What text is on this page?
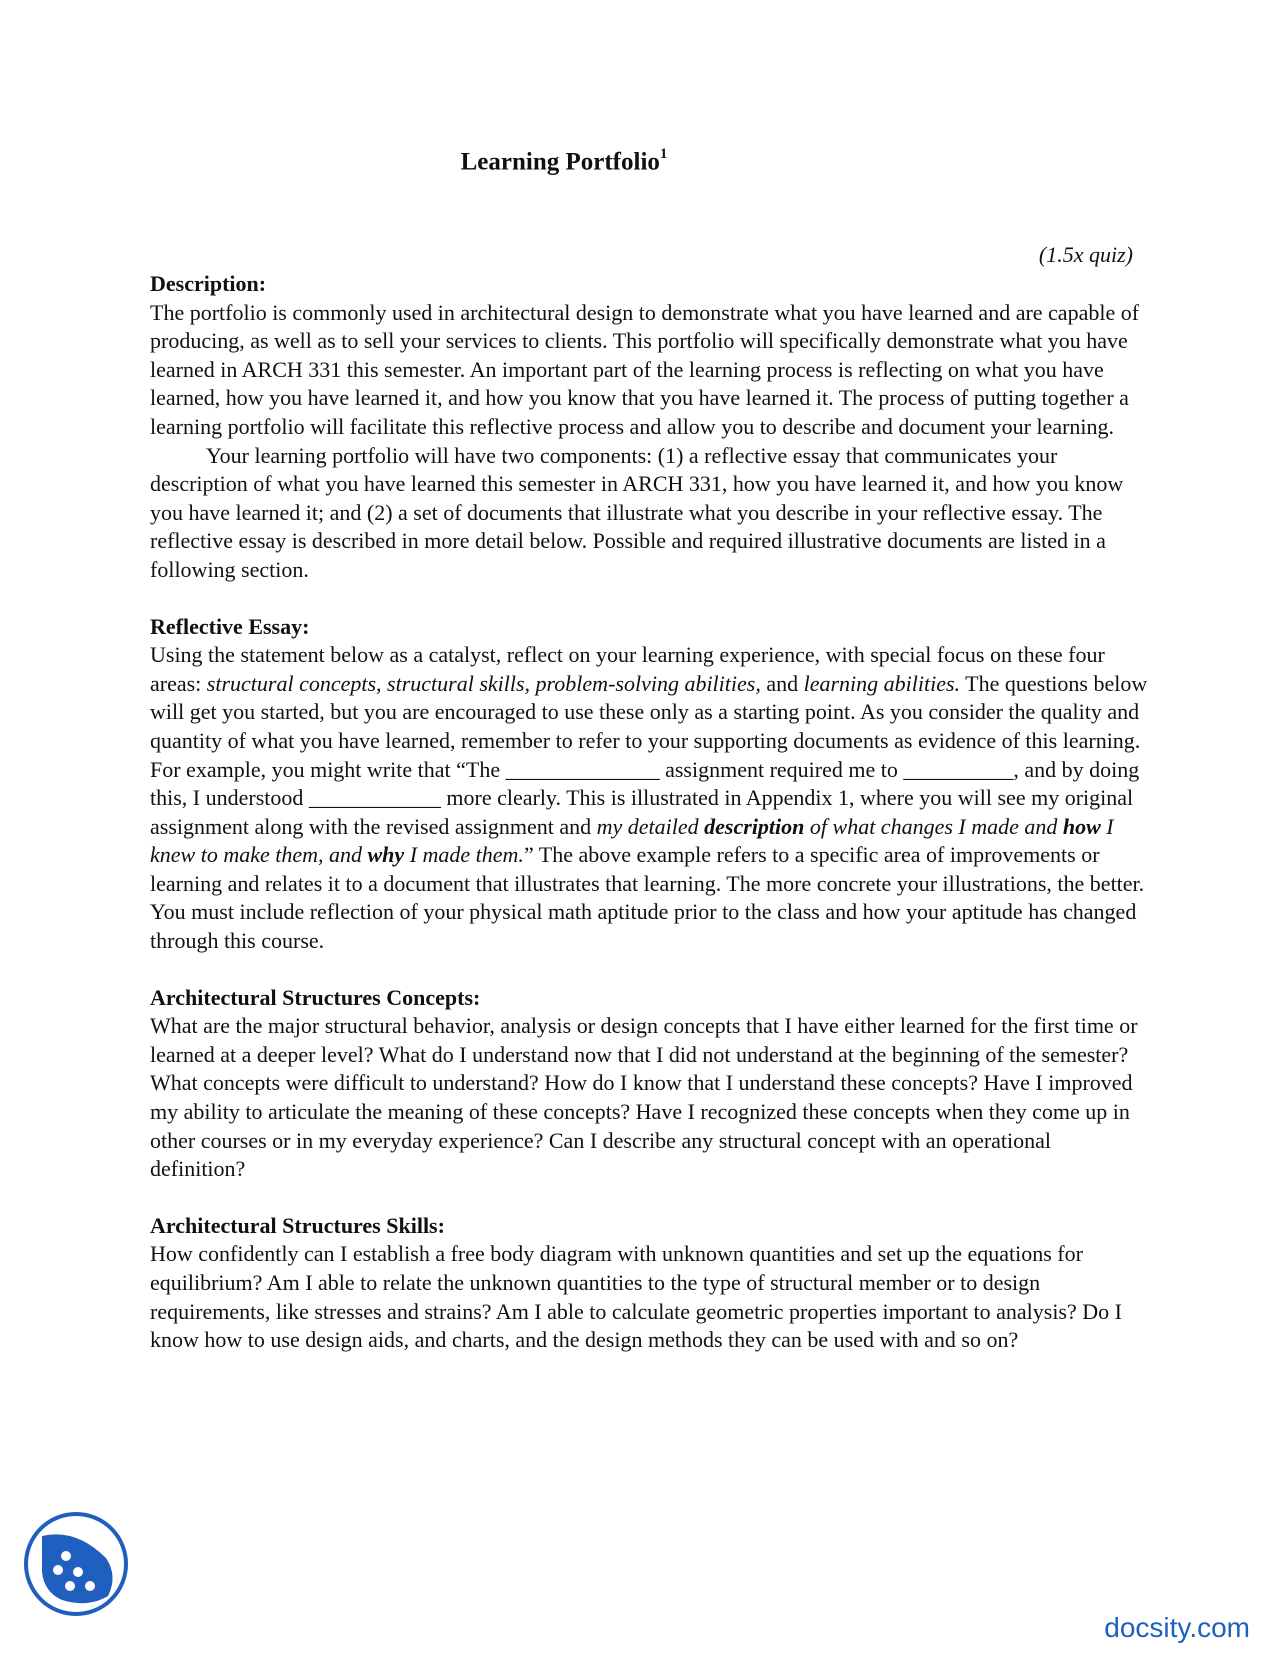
Learning Portfolio$^1$
(1.5x quiz)

Description:

The portfolio is commonly used in architectural design to demonstrate what you have learned and are capable of producing, as well as to sell your services to clients. This portfolio will specifically demonstrate what you have learned in ARCH 331 this semester. An important part of the learning process is reflecting on what you have learned, how you have learned it, and how you know that you have learned it. The process of putting together a learning portfolio will facilitate this reflective process and allow you to describe and document your learning.

Your learning portfolio will have two components: (1) a reflective essay that communicates your description of what you have learned this semester in ARCH 331, how you have learned it, and how you know you have learned it; and (2) a set of documents that illustrate what you describe in your reflective essay. The reflective essay is described in more detail below. Possible and required illustrative documents are listed in a following section.

Reflective Essay:

Using the statement below as a catalyst, reflect on your learning experience, with special focus on these four areas: structural concepts, structural skills, problem-solving abilities, and learning abilities. The questions below will get you started, but you are encouraged to use these only as a starting point. As you consider the quality and quantity of what you have learned, remember to refer to your supporting documents as evidence of this learning. For example, you might write that “The ______________ assignment required me to __________, and by doing this, I understood ____________ more clearly. This is illustrated in Appendix 1, where you will see my original assignment along with the revised assignment and my detailed description of what changes I made and how I knew to make them, and why I made them.” The above example refers to a specific area of improvements or learning and relates it to a document that illustrates that learning. The more concrete your illustrations, the better. You must include reflection of your physical math aptitude prior to the class and how your aptitude has changed through this course.

Architectural Structures Concepts:

What are the major structural behavior, analysis or design concepts that I have either learned for the first time or learned at a deeper level? What do I understand now that I did not understand at the beginning of the semester? What concepts were difficult to understand? How do I know that I understand these concepts? Have I improved my ability to articulate the meaning of these concepts? Have I recognized these concepts when they come up in other courses or in my everyday experience? Can I describe any structural concept with an operational definition?

Architectural Structures Skills:

How confidently can I establish a free body diagram with unknown quantities and set up the equations for equilibrium? Am I able to relate the unknown quantities to the type of structural member or to design requirements, like stresses and strains? Am I able to calculate geometric properties important to analysis? Do I know how to use design aids, and charts, and the design methods they can be used with and so on?

docsity.com
